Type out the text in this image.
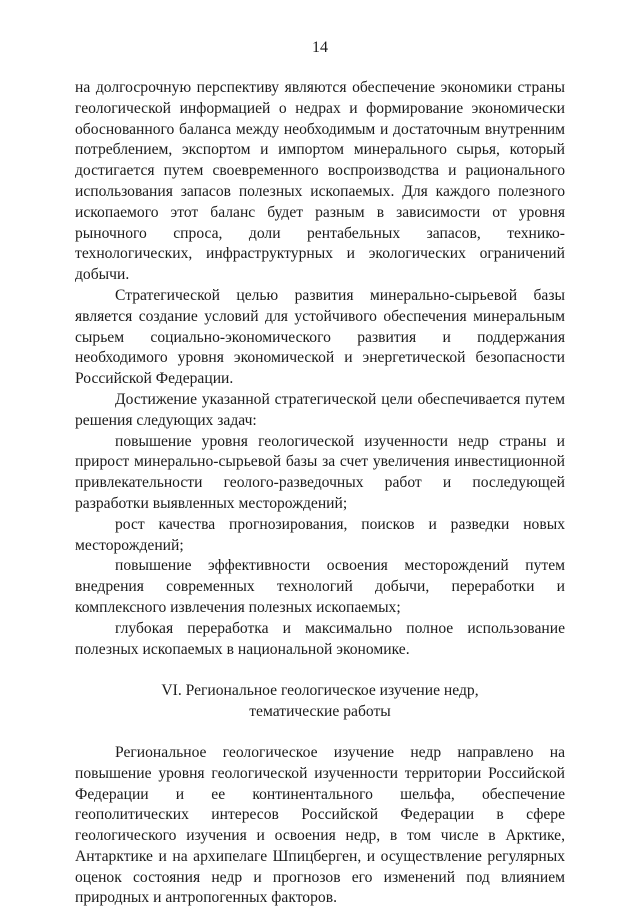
14

на долгосрочную перспективу являются обеспечение экономики страны геологической информацией о недрах и формирование экономически обоснованного баланса между необходимым и достаточным внутренним потреблением, экспортом и импортом минерального сырья, который достигается путем своевременного воспроизводства и рационального использования запасов полезных ископаемых. Для каждого полезного ископаемого этот баланс будет разным в зависимости от уровня рыночного спроса, доли рентабельных запасов, технико-технологических, инфраструктурных и экологических ограничений добычи.

Стратегической целью развития минерально-сырьевой базы является создание условий для устойчивого обеспечения минеральным сырьем социально-экономического развития и поддержания необходимого уровня экономической и энергетической безопасности Российской Федерации.

Достижение указанной стратегической цели обеспечивается путем решения следующих задач:

повышение уровня геологической изученности недр страны и прирост минерально-сырьевой базы за счет увеличения инвестиционной привлекательности геолого-разведочных работ и последующей разработки выявленных месторождений;

рост качества прогнозирования, поисков и разведки новых месторождений;

повышение эффективности освоения месторождений путем внедрения современных технологий добычи, переработки и комплексного извлечения полезных ископаемых;

глубокая переработка и максимально полное использование полезных ископаемых в национальной экономике.

VI. Региональное геологическое изучение недр,
тематические работы

Региональное геологическое изучение недр направлено на повышение уровня геологической изученности территории Российской Федерации и ее континентального шельфа, обеспечение геополитических интересов Российской Федерации в сфере геологического изучения и освоения недр, в том числе в Арктике, Антарктике и на архипелаге Шпицберген, и осуществление регулярных оценок состояния недр и прогнозов его изменений под влиянием природных и антропогенных факторов.
